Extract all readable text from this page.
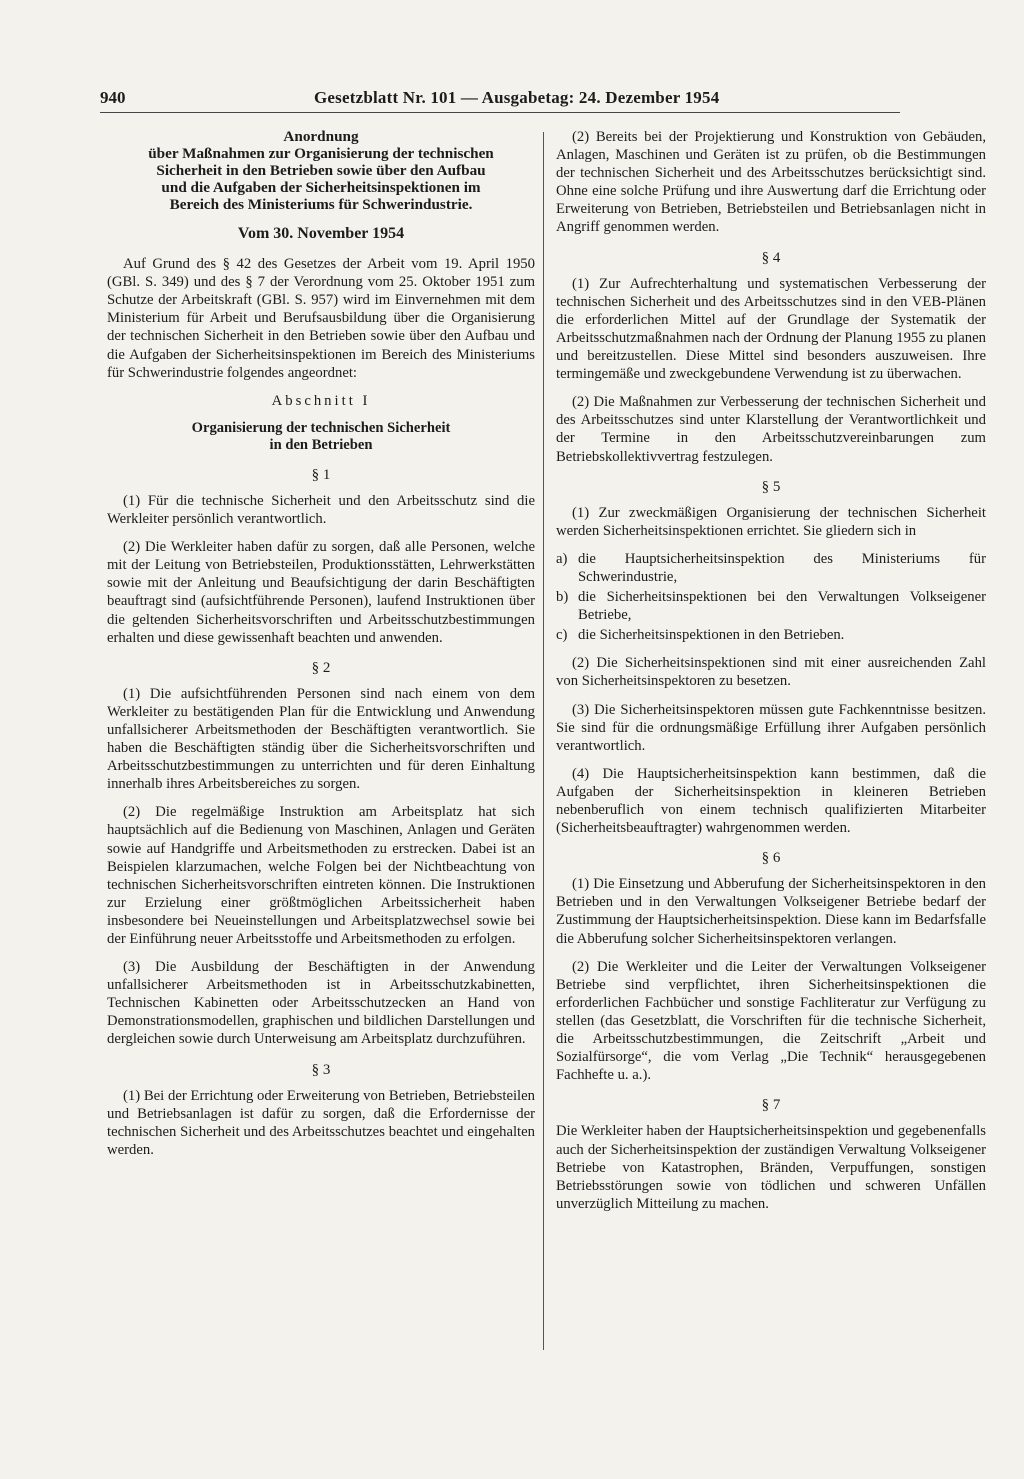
940	Gesetzblatt Nr. 101 — Ausgabetag: 24. Dezember 1954
Anordnung
über Maßnahmen zur Organisierung der technischen
Sicherheit in den Betrieben sowie über den Aufbau
und die Aufgaben der Sicherheitsinspektionen im
Bereich des Ministeriums für Schwerindustrie.
Vom 30. November 1954

Auf Grund des § 42 des Gesetzes der Arbeit vom 19. April 1950 (GBl. S. 349) und des § 7 der Verordnung vom 25. Oktober 1951 zum Schutze der Arbeitskraft (GBl. S. 957) wird im Einvernehmen mit dem Ministerium für Arbeit und Berufsausbildung über die Organisierung der technischen Sicherheit in den Betrieben sowie über den Aufbau und die Aufgaben der Sicherheitsinspektionen im Bereich des Ministeriums für Schwerindustrie folgendes angeordnet:

Abschnitt I
Organisierung der technischen Sicherheit
in den Betrieben
§ 1

(1) Für die technische Sicherheit und den Arbeitsschutz sind die Werkleiter persönlich verantwortlich.

(2) Die Werkleiter haben dafür zu sorgen, daß alle Personen, welche mit der Leitung von Betriebsteilen, Produktionsstätten, Lehrwerkstätten sowie mit der Anleitung und Beaufsichtigung der darin Beschäftigten beauftragt sind (aufsichtführende Personen), laufend Instruktionen über die geltenden Sicherheitsvorschriften und Arbeitsschutzbestimmungen erhalten und diese gewissenhaft beachten und anwenden.

§ 2

(1) Die aufsichtführenden Personen sind nach einem von dem Werkleiter zu bestätigenden Plan für die Entwicklung und Anwendung unfallsicherer Arbeitsmethoden der Beschäftigten verantwortlich. Sie haben die Beschäftigten ständig über die Sicherheitsvorschriften und Arbeitsschutzbestimmungen zu unterrichten und für deren Einhaltung innerhalb ihres Arbeitsbereiches zu sorgen.

(2) Die regelmäßige Instruktion am Arbeitsplatz hat sich hauptsächlich auf die Bedienung von Maschinen, Anlagen und Geräten sowie auf Handgriffe und Arbeitsmethoden zu erstrecken. Dabei ist an Beispielen klarzumachen, welche Folgen bei der Nichtbeachtung von technischen Sicherheitsvorschriften eintreten können. Die Instruktionen zur Erzielung einer größtmöglichen Arbeitssicherheit haben insbesondere bei Neueinstellungen und Arbeitsplatzwechsel sowie bei der Einführung neuer Arbeitsstoffe und Arbeitsmethoden zu erfolgen.

(3) Die Ausbildung der Beschäftigten in der Anwendung unfallsicherer Arbeitsmethoden ist in Arbeitsschutzkabinetten, Technischen Kabinetten oder Arbeitsschutzecken an Hand von Demonstrationsmodellen, graphischen und bildlichen Darstellungen und dergleichen sowie durch Unterweisung am Arbeitsplatz durchzuführen.

§ 3

(1) Bei der Errichtung oder Erweiterung von Betrieben, Betriebsteilen und Betriebsanlagen ist dafür zu sorgen, daß die Erfordernisse der technischen Sicherheit und des Arbeitsschutzes beachtet und eingehalten werden.

(2) Bereits bei der Projektierung und Konstruktion von Gebäuden, Anlagen, Maschinen und Geräten ist zu prüfen, ob die Bestimmungen der technischen Sicherheit und des Arbeitsschutzes berücksichtigt sind. Ohne eine solche Prüfung und ihre Auswertung darf die Errichtung oder Erweiterung von Betrieben, Betriebsteilen und Betriebsanlagen nicht in Angriff genommen werden.

§ 4

(1) Zur Aufrechterhaltung und systematischen Verbesserung der technischen Sicherheit und des Arbeitsschutzes sind in den VEB-Plänen die erforderlichen Mittel auf der Grundlage der Systematik der Arbeitsschutzmaßnahmen nach der Ordnung der Planung 1955 zu planen und bereitzustellen. Diese Mittel sind besonders auszuweisen. Ihre termingemäße und zweckgebundene Verwendung ist zu überwachen.

(2) Die Maßnahmen zur Verbesserung der technischen Sicherheit und des Arbeitsschutzes sind unter Klarstellung der Verantwortlichkeit und der Termine in den Arbeitsschutzvereinbarungen zum Betriebskollektivvertrag festzulegen.

§ 5

(1) Zur zweckmäßigen Organisierung der technischen Sicherheit werden Sicherheitsinspektionen errichtet. Sie gliedern sich in

a) die Hauptsicherheitsinspektion des Ministeriums für Schwerindustrie,
b) die Sicherheitsinspektionen bei den Verwaltungen Volkseigener Betriebe,
c) die Sicherheitsinspektionen in den Betrieben.

(2) Die Sicherheitsinspektionen sind mit einer ausreichenden Zahl von Sicherheitsinspektoren zu besetzen.

(3) Die Sicherheitsinspektoren müssen gute Fachkenntnisse besitzen. Sie sind für die ordnungsmäßige Erfüllung ihrer Aufgaben persönlich verantwortlich.

(4) Die Hauptsicherheitsinspektion kann bestimmen, daß die Aufgaben der Sicherheitsinspektion in kleineren Betrieben nebenberuflich von einem technisch qualifizierten Mitarbeiter (Sicherheitsbeauftragter) wahrgenommen werden.

§ 6

(1) Die Einsetzung und Abberufung der Sicherheitsinspektoren in den Betrieben und in den Verwaltungen Volkseigener Betriebe bedarf der Zustimmung der Hauptsicherheitsinspektion. Diese kann im Bedarfsfalle die Abberufung solcher Sicherheitsinspektoren verlangen.

(2) Die Werkleiter und die Leiter der Verwaltungen Volkseigener Betriebe sind verpflichtet, ihren Sicherheitsinspektionen die erforderlichen Fachbücher und sonstige Fachliteratur zur Verfügung zu stellen (das Gesetzblatt, die Vorschriften für die technische Sicherheit, die Arbeitsschutzbestimmungen, die Zeitschrift „Arbeit und Sozialfürsorge“, die vom Verlag „Die Technik“ herausgegebenen Fachhefte u. a.).

§ 7

Die Werkleiter haben der Hauptsicherheitsinspektion und gegebenenfalls auch der Sicherheitsinspektion der zuständigen Verwaltung Volkseigener Betriebe von Katastrophen, Bränden, Verpuffungen, sonstigen Betriebsstörungen sowie von tödlichen und schweren Unfällen unverzüglich Mitteilung zu machen.
